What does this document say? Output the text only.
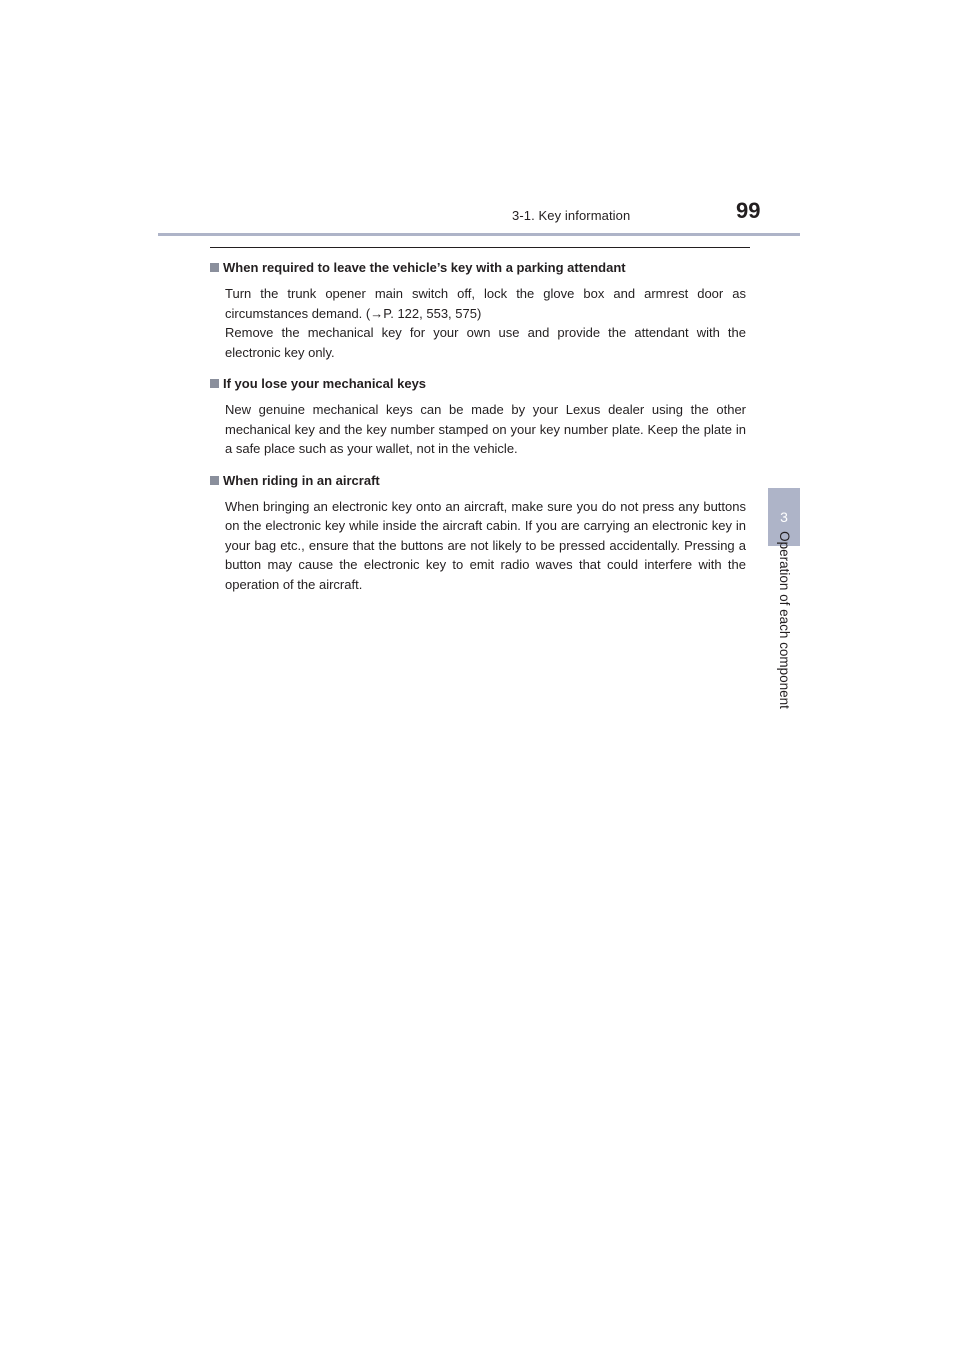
3-1. Key information	99
3
Operation of each component
When required to leave the vehicle’s key with a parking attendant

Turn the trunk opener main switch off, lock the glove box and armrest door as circumstances demand. (→P. 122, 553, 575)

Remove the mechanical key for your own use and provide the attendant with the electronic key only.

If you lose your mechanical keys

New genuine mechanical keys can be made by your Lexus dealer using the other mechanical key and the key number stamped on your key number plate. Keep the plate in a safe place such as your wallet, not in the vehicle.

When riding in an aircraft

When bringing an electronic key onto an aircraft, make sure you do not press any buttons on the electronic key while inside the aircraft cabin. If you are carrying an electronic key in your bag etc., ensure that the buttons are not likely to be pressed accidentally. Pressing a button may cause the electronic key to emit radio waves that could interfere with the operation of the aircraft.
